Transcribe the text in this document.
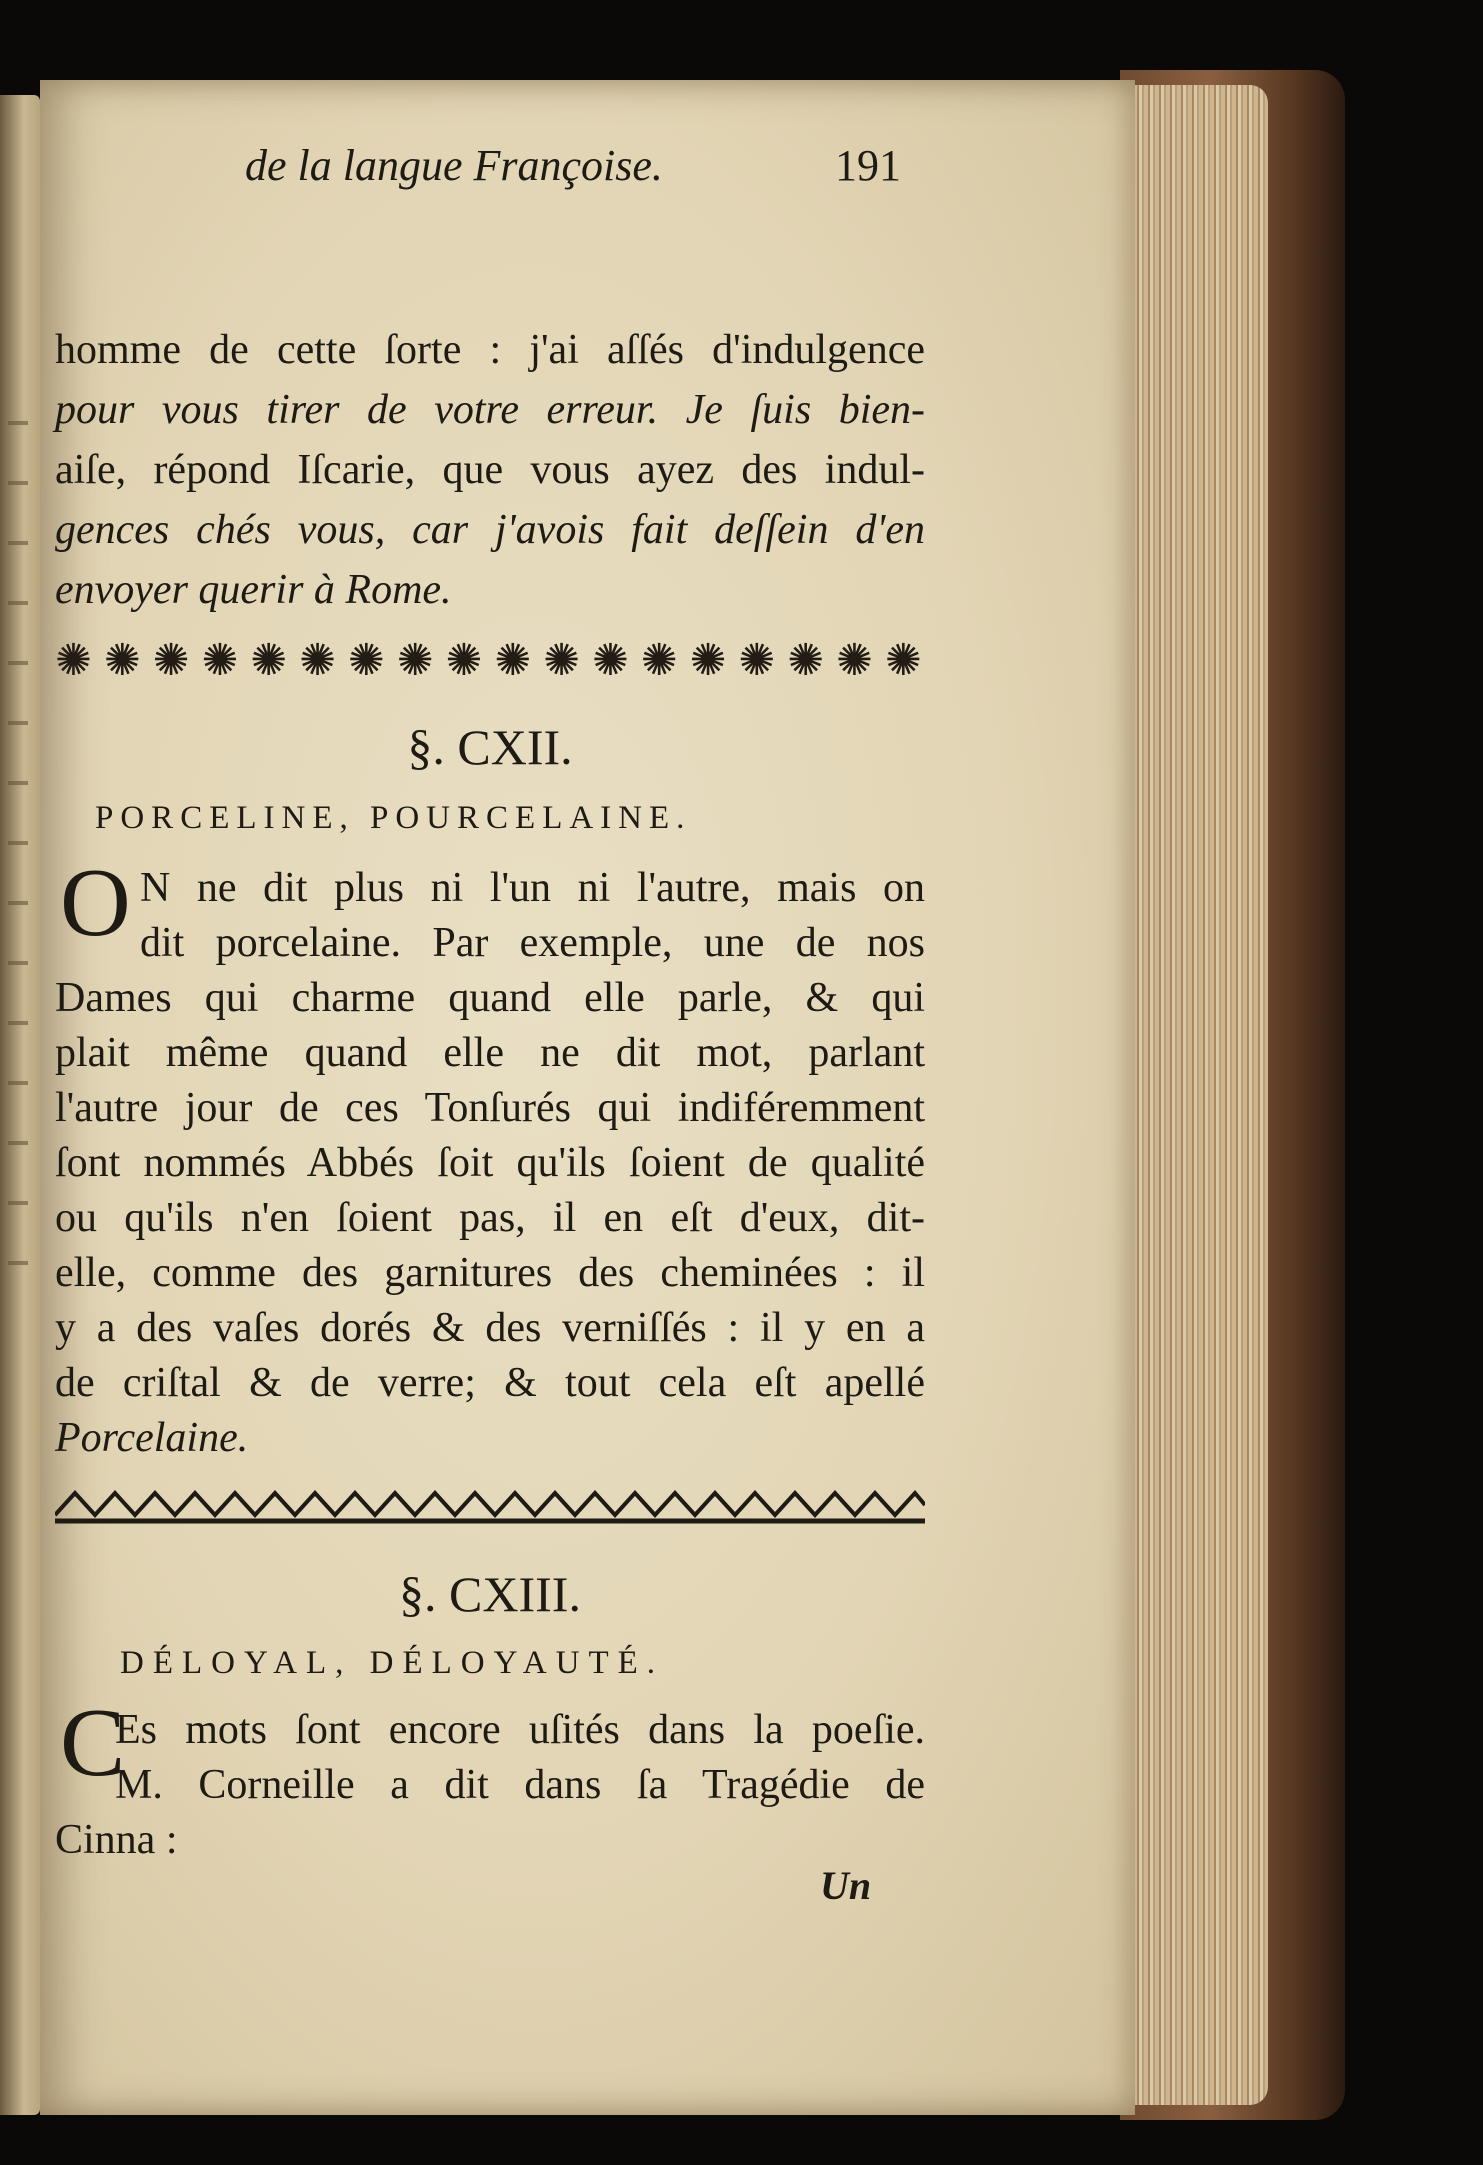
de la langue Françoise.	191
homme de cette ſorte : j'ai aſſés d'indulgence
pour vous tirer de votre erreur. Je ſuis bien-
aiſe, répond Iſcarie, que vous ayez des indul-
gences chés vous, car j'avois fait deſſein d'en
envoyer querir à Rome.
✺
✺
✺
✺
✺
✺
✺
✺
✺
✺
✺
✺
✺
✺
✺
✺
✺
✺
§. CXII.
PORCELINE, POURCELAINE.
O N ne dit plus ni l'un ni l'autre, mais on
dit porcelaine. Par exemple, une de nos
Dames qui charme quand elle parle, & qui
plait même quand elle ne dit mot, parlant
l'autre jour de ces Tonſurés qui indiféremment
ſont nommés Abbés ſoit qu'ils ſoient de qualité
ou qu'ils n'en ſoient pas, il en eſt d'eux, dit-
elle, comme des garnitures des cheminées : il
y a des vaſes dorés & des verniſſés : il y en a
de criſtal & de verre; & tout cela eſt apellé
Porcelaine.
§. CXIII.
DÉLOYAL, DÉLOYAUTÉ.
C
Es mots ſont encore uſités dans la poeſie.
M. Corneille a dit dans ſa Tragédie de
Cinna :
Un
